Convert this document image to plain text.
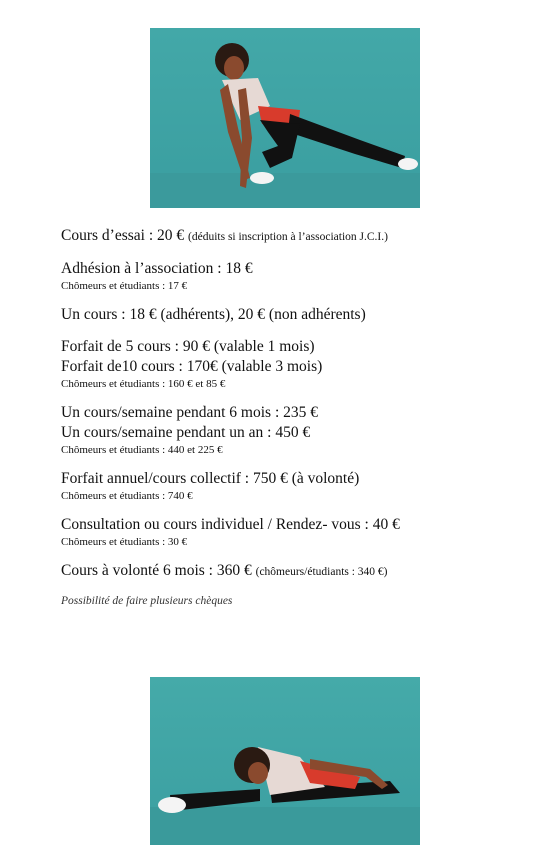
Cours d’essai : 20 € (déduits si inscription à l’association J.C.I.)

Adhésion à l’association : 18 €

Chômeurs et étudiants : 17 €

Un cours : 18 € (adhérents), 20 € (non adhérents)

Forfait de 5 cours : 90 € (valable 1 mois)

Forfait de10 cours : 170€ (valable 3 mois)

Chômeurs et étudiants : 160 € et 85 €

Un cours/semaine pendant 6 mois : 235 €

Un cours/semaine pendant un an : 450 €

Chômeurs et étudiants : 440 et 225 €

Forfait annuel/cours collectif : 750 € (à volonté)

Chômeurs et étudiants : 740 €

Consultation ou cours individuel / Rendez- vous : 40 €

Chômeurs et étudiants : 30 €

Cours à volonté 6 mois : 360 € (chômeurs/étudiants : 340 €)

Possibilité de faire plusieurs chèques
